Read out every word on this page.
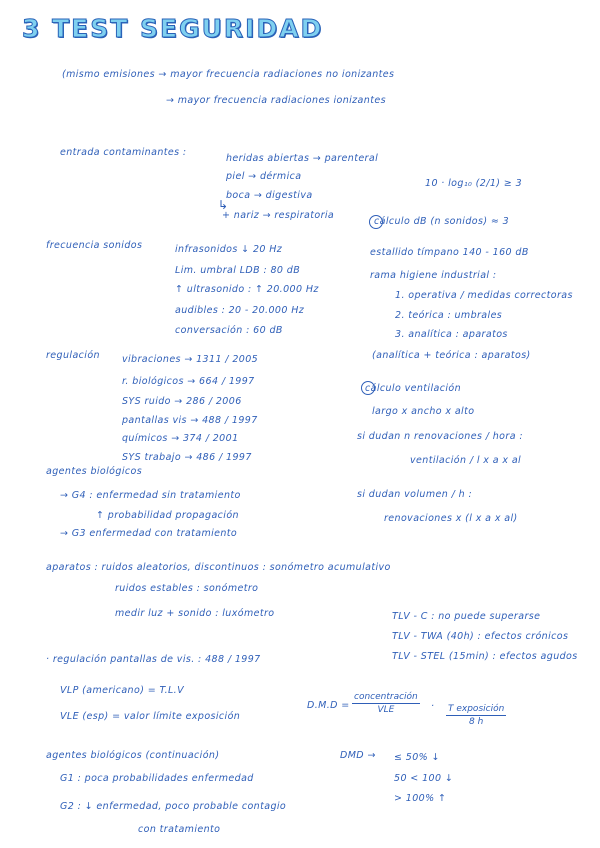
3 TEST SEGURIDAD
(mismo emisiones → mayor frecuencia radiaciones no ionizantes
→ mayor frecuencia radiaciones ionizantes
entrada contaminantes :
heridas abiertas → parenteral
piel → dérmica
boca → digestiva
↳
+ nariz → respiratoria
10 · log₁₀ (2/1) ≥ 3
cálculo dB (n sonidos) ≈ 3
frecuencia sonidos	infrasonidos ↓ 20 Hz
Lim. umbral LDB : 80 dB
↑ ultrasonido : ↑ 20.000 Hz
audibles : 20 - 20.000 Hz
conversación : 60 dB
estallido tímpano 140 - 160 dB
rama higiene industrial :
1. operativa / medidas correctoras
2. teórica : umbrales
3. analítica : aparatos
(analítica + teórica : aparatos)
regulación vibraciones → 1311 / 2005
r. biológicos → 664 / 1997
SYS ruido → 286 / 2006
pantallas vis → 488 / 1997
químicos → 374 / 2001
SYS trabajo → 486 / 1997
agentes biológicos
→ G4 : enfermedad sin tratamiento
↑ probabilidad propagación
→ G3 enfermedad con tratamiento
cálculo ventilación
largo x ancho x alto
si dudan n renovaciones / hora :
ventilación / l x a x al
si dudan volumen / h :
renovaciones x (l x a x al)
aparatos : ruidos aleatorios, discontinuos : sonómetro acumulativo
ruidos estables : sonómetro
medir luz + sonido : luxómetro	TLV - C : no puede superarse
TLV - TWA (40h) : efectos crónicos
TLV - STEL (15min) : efectos agudos
· regulación pantallas de vis. : 488 / 1997
VLP (americano) = T.L.V
VLE (esp) = valor límite exposición
D.M.D =
concentración
VLE	· T exposición
8 h
agentes biológicos (continuación)
G1 : poca probabilidades enfermedad
G2 : ↓ enfermedad, poco probable contagio
con tratamiento
DMD → ≤ 50% ↓
50 < 100 ↓
> 100% ↑
